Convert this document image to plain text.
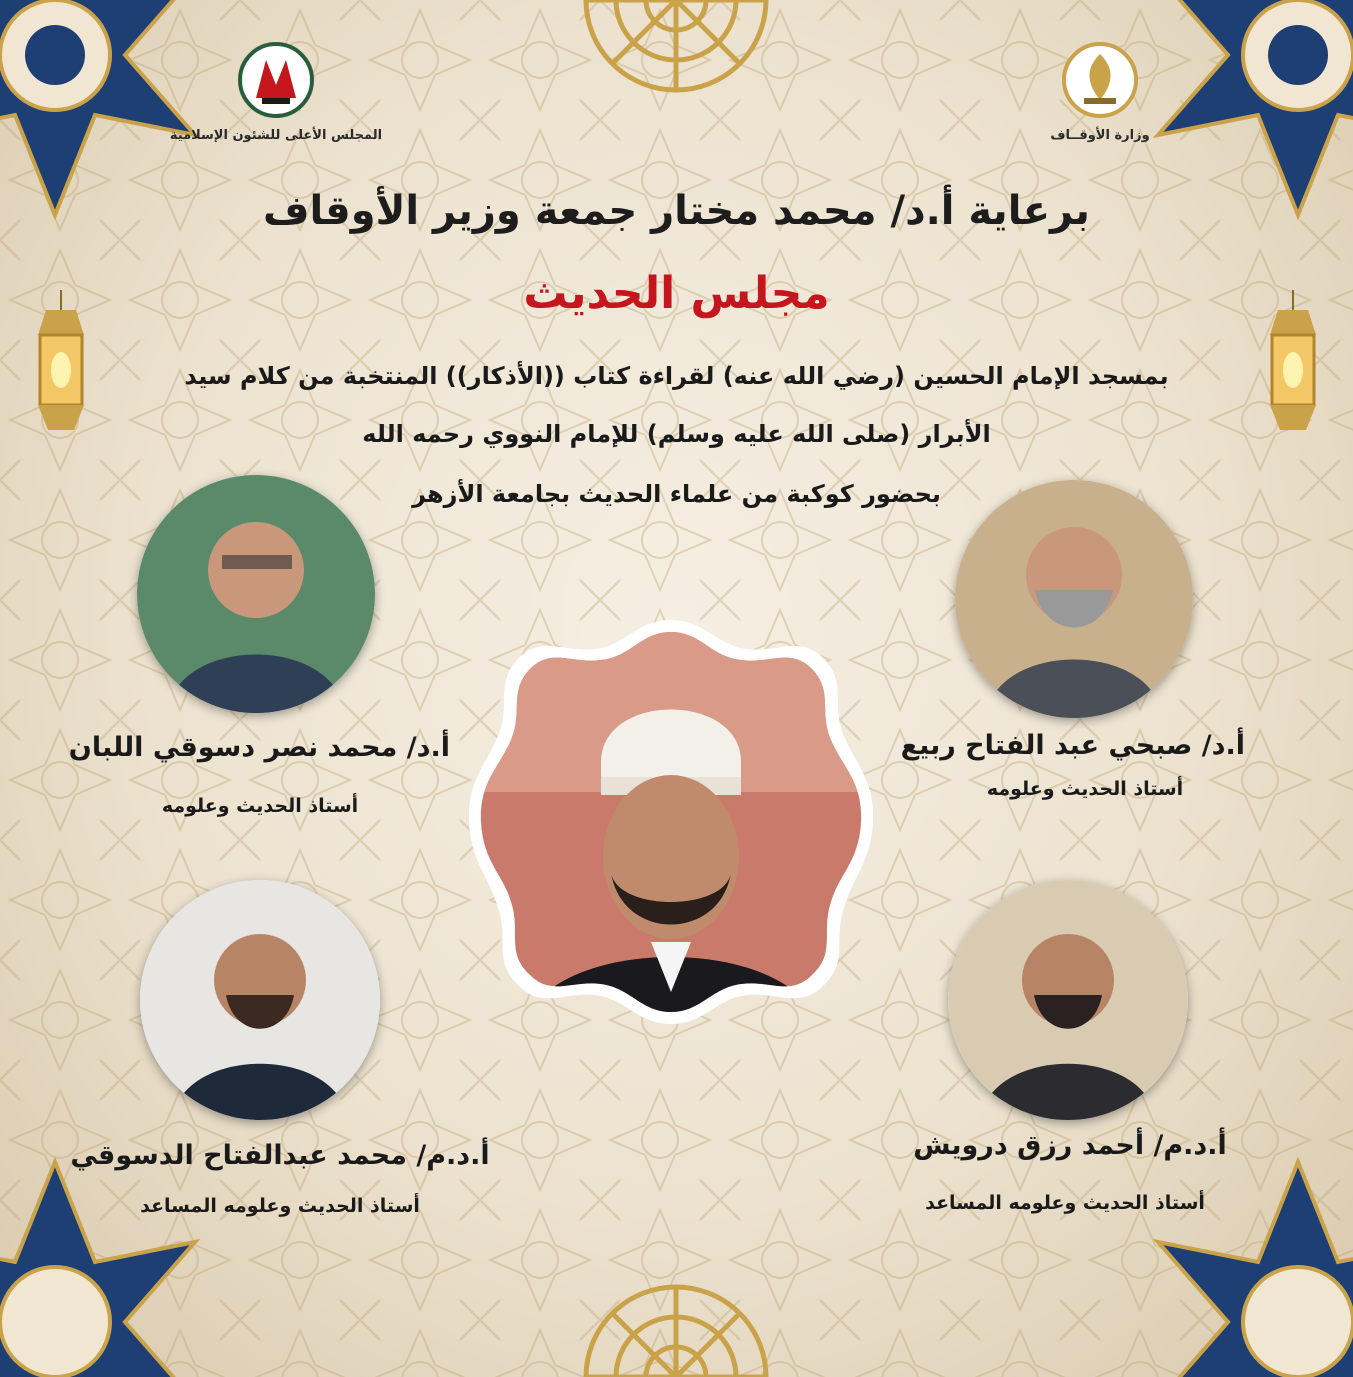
المجلس الأعلى للشئون الإسلامية	وزارة الأوقــاف
برعاية أ.د/ محمد مختار جمعة وزير الأوقاف
مجلس الحديث
بمسجد الإمام الحسين (رضي الله عنه) لقراءة كتاب ((الأذكار)) المنتخبة من كلام سيد
الأبرار (صلى الله عليه وسلم) للإمام النووي رحمه الله
بحضور كوكبة من علماء الحديث بجامعة الأزهر
أ.د/ محمد نصر دسوقي اللبان
أستاذ الحديث وعلومه
أ.د/ صبحي عبد الفتاح ربيع
أستاذ الحديث وعلومه
أ.د.م/ محمد عبدالفتاح الدسوقي
أستاذ الحديث وعلومه المساعد
أ.د.م/ أحمد رزق درويش
أستاذ الحديث وعلومه المساعد
